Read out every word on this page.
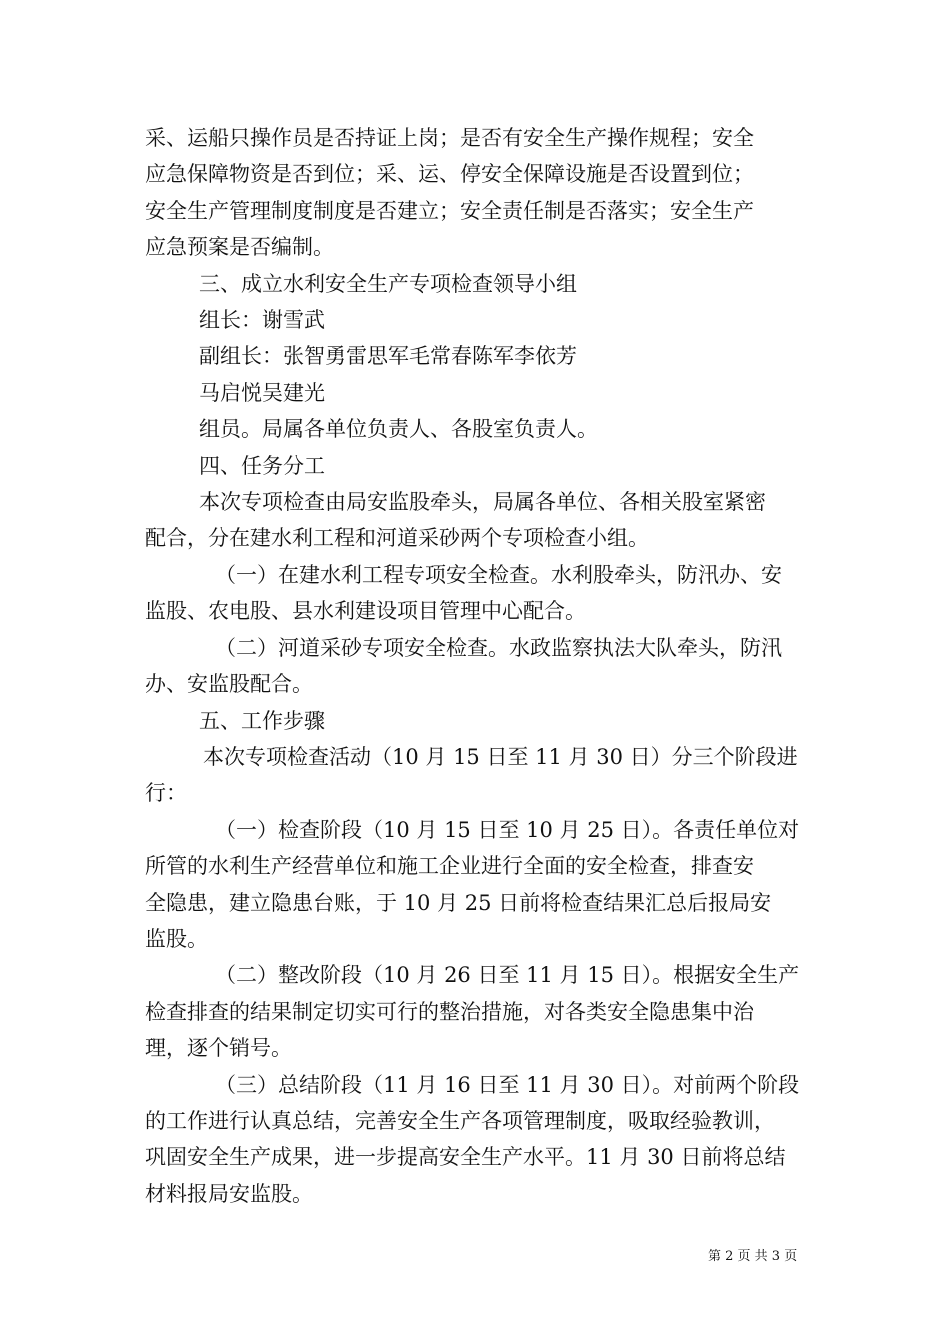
采、运船只操作员是否持证上岗；是否有安全生产操作规程；安全

应急保障物资是否到位；采、运、停安全保障设施是否设置到位；

安全生产管理制度制度是否建立；安全责任制是否落实；安全生产

应急预案是否编制。

三、成立水利安全生产专项检查领导小组

组长：谢雪武

副组长：张智勇雷思军毛常春陈军李依芳

马启悦吴建光

组员。局属各单位负责人、各股室负责人。

四、任务分工

本次专项检查由局安监股牵头，局属各单位、各相关股室紧密

配合，分在建水利工程和河道采砂两个专项检查小组。

（一）在建水利工程专项安全检查。水利股牵头，防汛办、安

监股、农电股、县水利建设项目管理中心配合。

（二）河道采砂专项安全检查。水政监察执法大队牵头，防汛

办、安监股配合。

五、工作步骤

本次专项检查活动（10 月 15 日至 11 月 30 日）分三个阶段进

行：

（一）检查阶段（10 月 15 日至 10 月 25 日）。各责任单位对

所管的水利生产经营单位和施工企业进行全面的安全检查，排查安

全隐患，建立隐患台账，于 10 月 25 日前将检查结果汇总后报局安

监股。

（二）整改阶段（10 月 26 日至 11 月 15 日）。根据安全生产

检查排查的结果制定切实可行的整治措施，对各类安全隐患集中治

理，逐个销号。

（三）总结阶段（11 月 16 日至 11 月 30 日）。对前两个阶段

的工作进行认真总结，完善安全生产各项管理制度，吸取经验教训，

巩固安全生产成果，进一步提高安全生产水平。11 月 30 日前将总结

材料报局安监股。

第 2 页 共 3 页
